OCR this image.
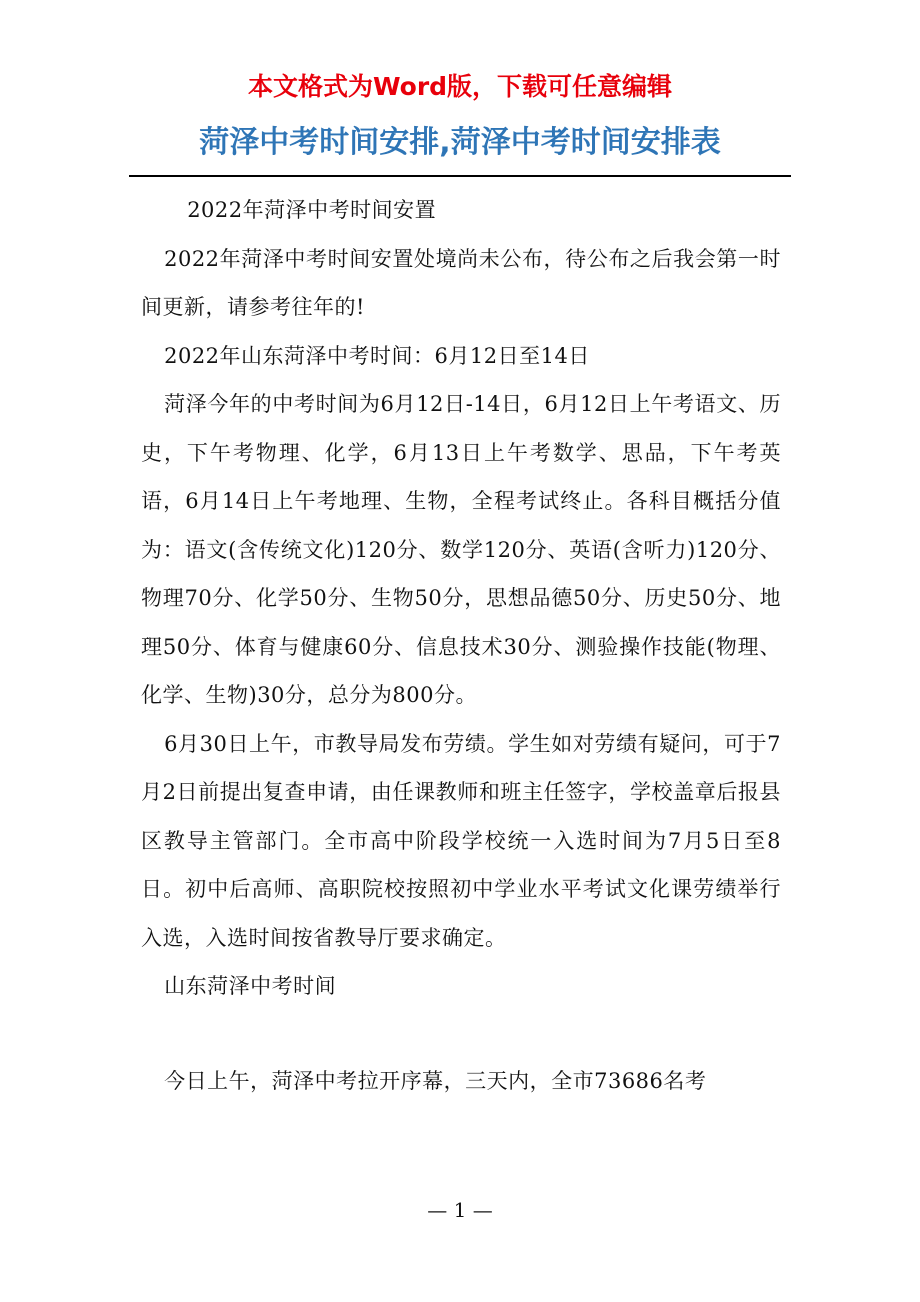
本文格式为Word版，下载可任意编辑
菏泽中考时间安排,菏泽中考时间安排表

2022年菏泽中考时间安置

2022年菏泽中考时间安置处境尚未公布，待公布之后我会第一时间更新，请参考往年的!

2022年山东菏泽中考时间：6月12日至14日

菏泽今年的中考时间为6月12日-14日，6月12日上午考语文、历史，下午考物理、化学，6月13日上午考数学、思品，下午考英语，6月14日上午考地理、生物，全程考试终止。各科目概括分值为：语文(含传统文化)120分、数学120分、英语(含听力)120分、物理70分、化学50分、生物50分，思想品德50分、历史50分、地理50分、体育与健康60分、信息技术30分、测验操作技能(物理、化学、生物)30分，总分为800分。

6月30日上午，市教导局发布劳绩。学生如对劳绩有疑问，可于7月2日前提出复查申请，由任课教师和班主任签字，学校盖章后报县区教导主管部门。全市高中阶段学校统一入选时间为7月5日至8日。初中后高师、高职院校按照初中学业水平考试文化课劳绩举行入选，入选时间按省教导厅要求确定。

山东菏泽中考时间

今日上午，菏泽中考拉开序幕，三天内，全市73686名考

— 1 —
